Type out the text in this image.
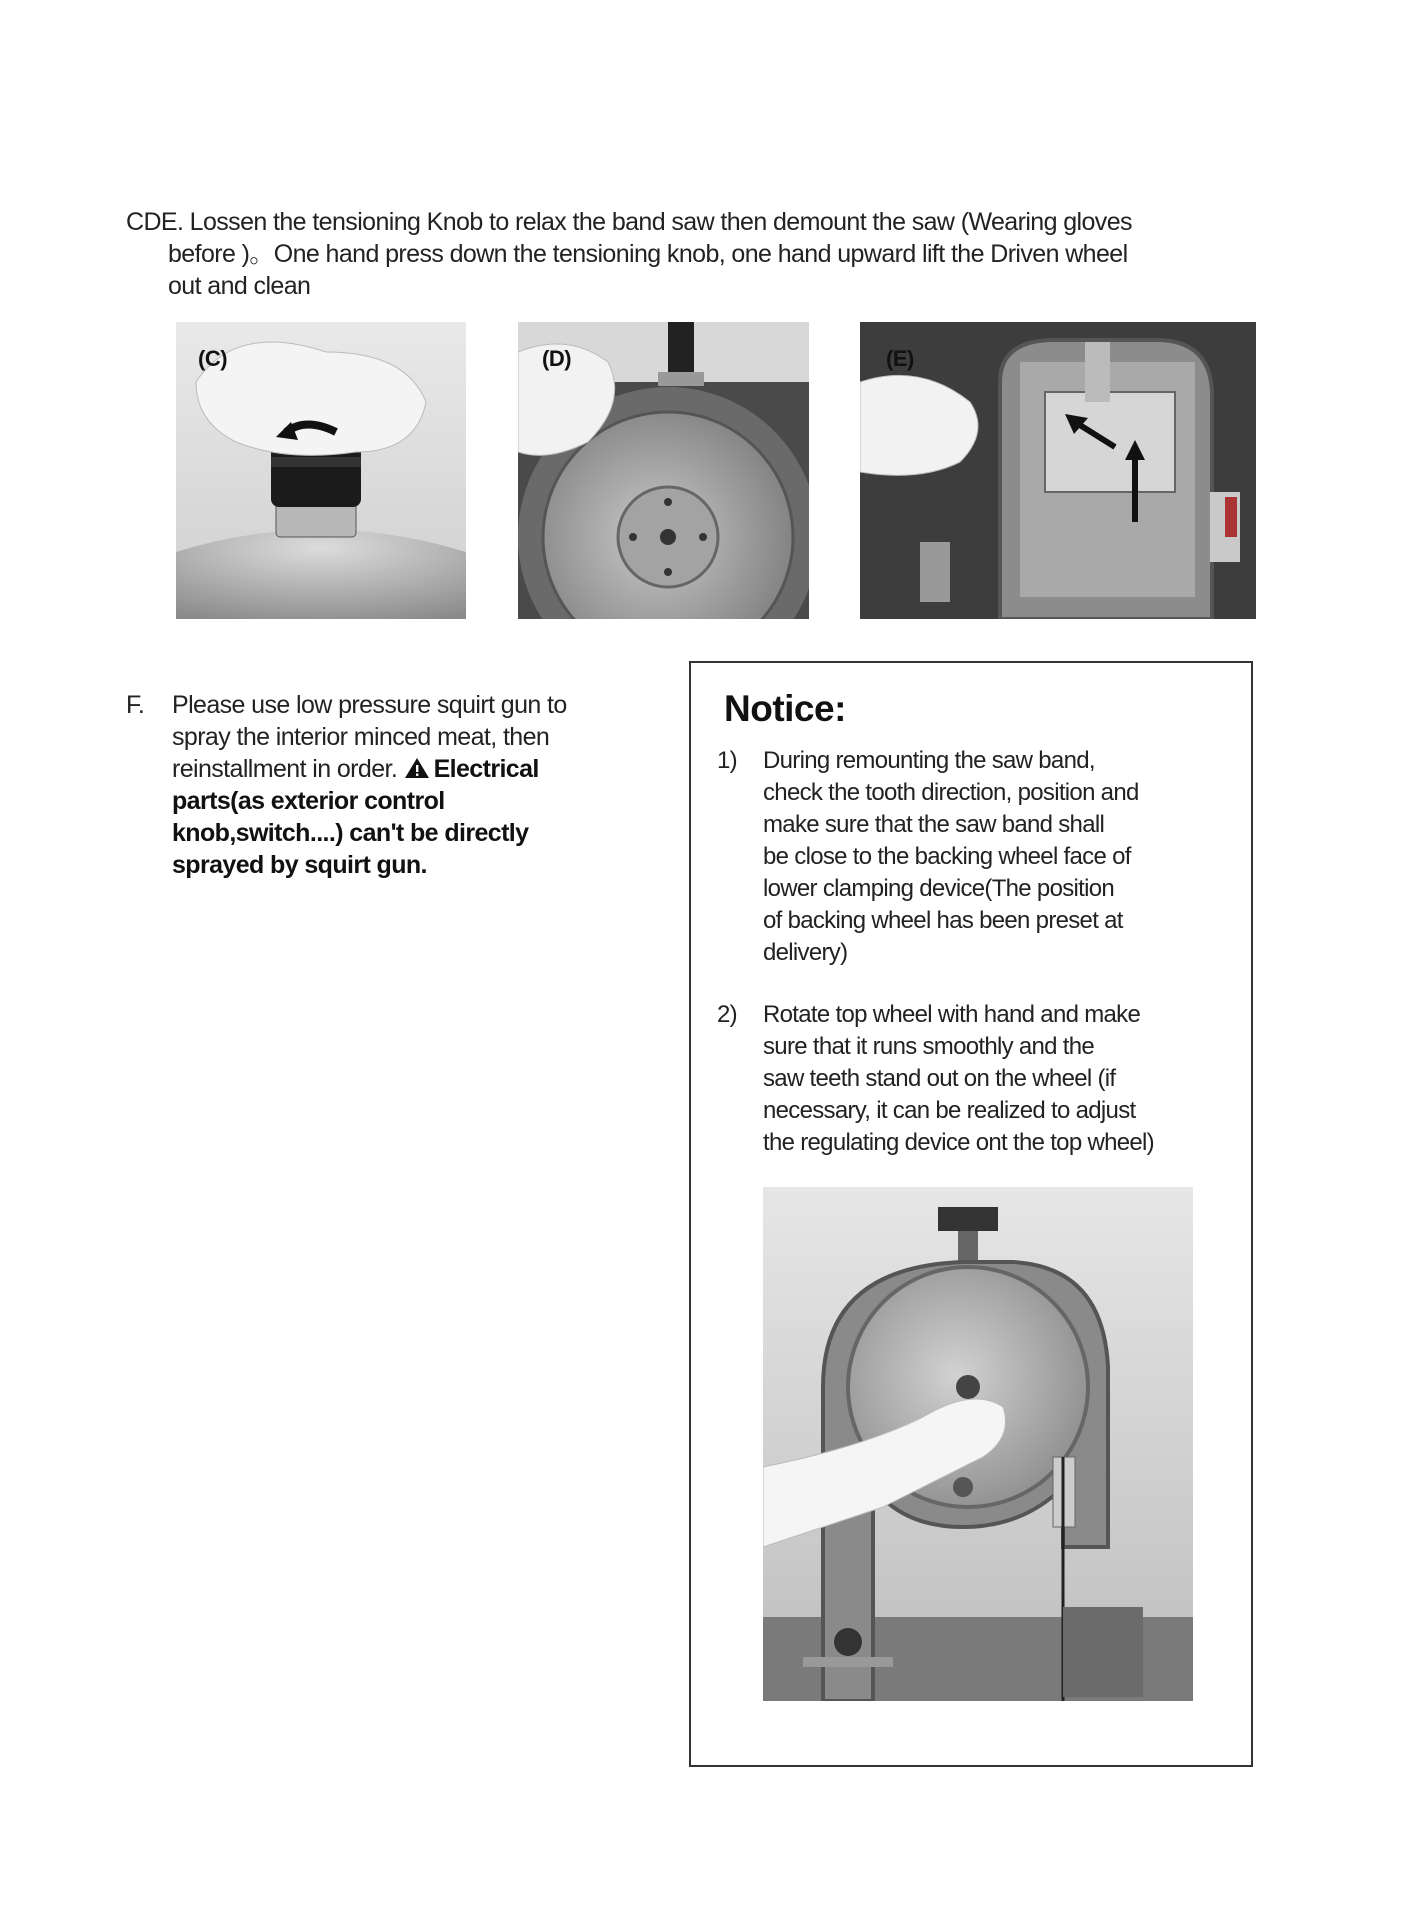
CDE. Lossen the tensioning Knob to relax the band saw then demount the saw (Wearing gloves
before )。One hand press down the tensioning knob, one hand upward lift the Driven wheel
out and clean
(C)	(D)	(E)
F. Please use low pressure squirt gun to
spray the interior minced meat, then
reinstallment in order. Electrical
parts(as exterior control
knob,switch....) can't be directly
sprayed by squirt gun.
Notice:
1) During remounting the saw band,
check the tooth direction, position and
make sure that the saw band shall
be close to the backing wheel face of
lower clamping device(The position
of backing wheel has been preset at
delivery)
2) Rotate top wheel with hand and make
sure that it runs smoothly and the
saw teeth stand out on the wheel (if
necessary, it can be realized to adjust
the regulating device ont the top wheel)
